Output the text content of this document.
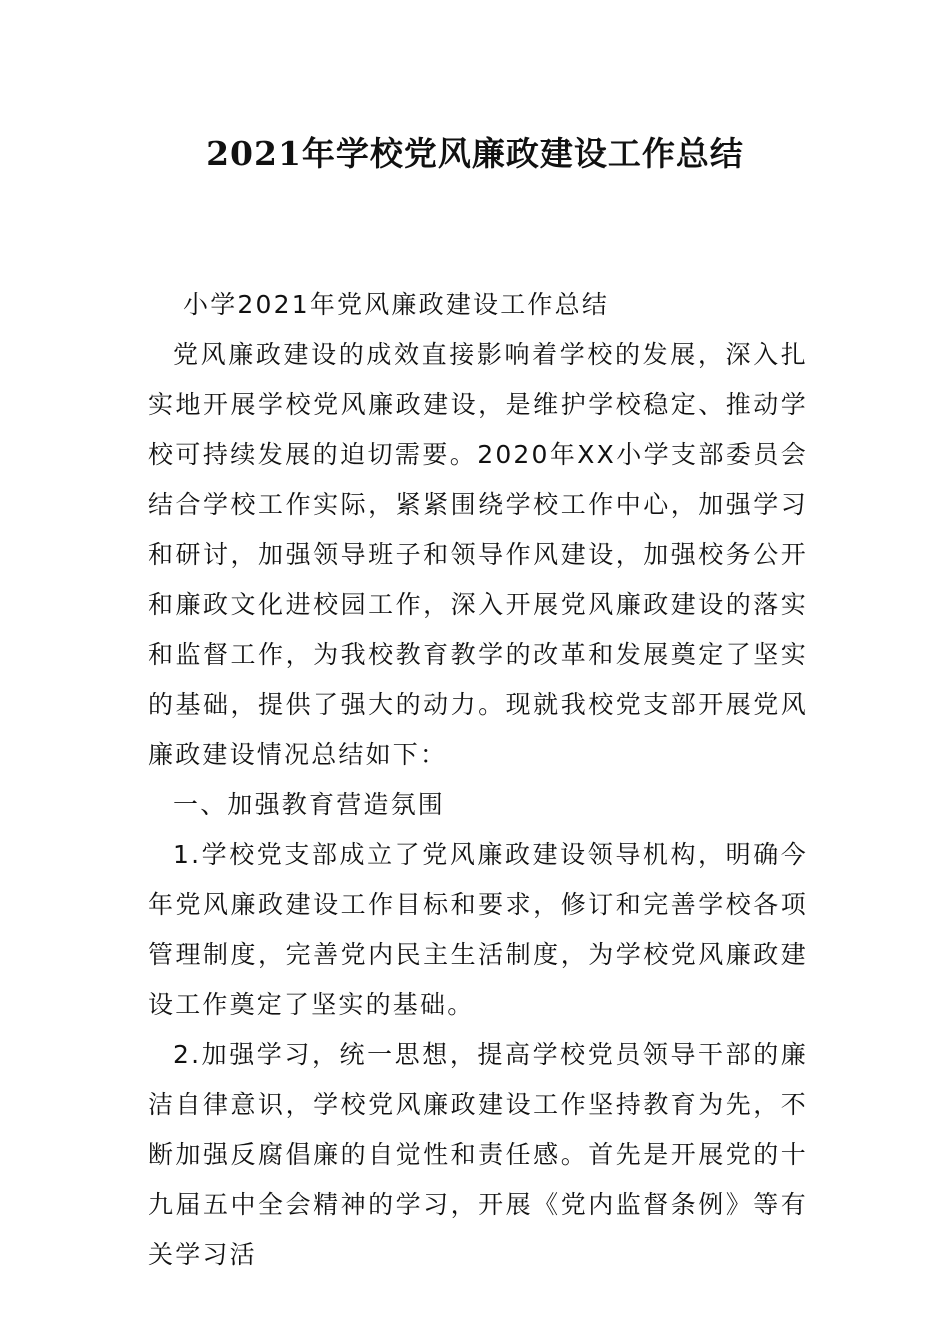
2021年学校党风廉政建设工作总结

小学2021年党风廉政建设工作总结

党风廉政建设的成效直接影响着学校的发展，深入扎实地开展学校党风廉政建设，是维护学校稳定、推动学校可持续发展的迫切需要。2020年XX小学支部委员会结合学校工作实际，紧紧围绕学校工作中心，加强学习和研讨，加强领导班子和领导作风建设，加强校务公开和廉政文化进校园工作，深入开展党风廉政建设的落实和监督工作，为我校教育教学的改革和发展奠定了坚实的基础，提供了强大的动力。现就我校党支部开展党风廉政建设情况总结如下：

一、加强教育营造氛围

1.学校党支部成立了党风廉政建设领导机构，明确今年党风廉政建设工作目标和要求，修订和完善学校各项管理制度，完善党内民主生活制度，为学校党风廉政建设工作奠定了坚实的基础。

2.加强学习，统一思想，提高学校党员领导干部的廉洁自律意识，学校党风廉政建设工作坚持教育为先，不断加强反腐倡廉的自觉性和责任感。首先是开展党的十九届五中全会精神的学习，开展《党内监督条例》等有关学习活
